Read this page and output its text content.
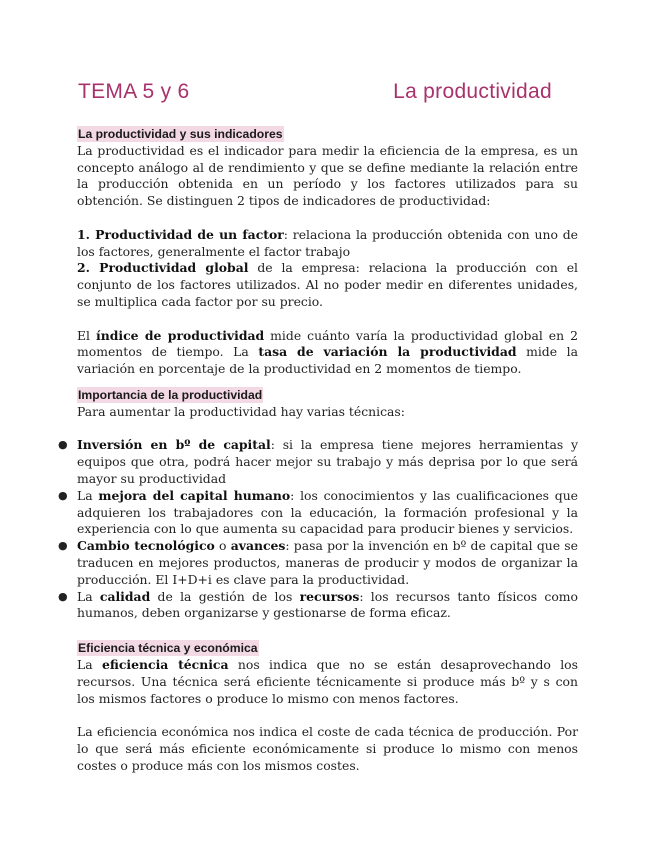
TEMA 5 y 6	La productividad
La productividad y sus indicadores

La productividad es el indicador para medir la eficiencia de la empresa, es un concepto análogo al de rendimiento y que se define mediante la relación entre la producción obtenida en un período y los factores utilizados para su obtención. Se distinguen 2 tipos de indicadores de productividad:

1. Productividad de un factor: relaciona la producción obtenida con uno de los factores, generalmente el factor trabajo

2. Productividad global de la empresa: relaciona la producción con el conjunto de los factores utilizados. Al no poder medir en diferentes unidades, se multiplica cada factor por su precio.

El índice de productividad mide cuánto varía la productividad global en 2 momentos de tiempo. La tasa de variación la productividad mide la variación en porcentaje de la productividad en 2 momentos de tiempo.

Importancia de la productividad

Para aumentar la productividad hay varias técnicas:

● Inversión en bº de capital: si la empresa tiene mejores herramientas y equipos que otra, podrá hacer mejor su trabajo y más deprisa por lo que será mayor su productividad
● La mejora del capital humano: los conocimientos y las cualificaciones que adquieren los trabajadores con la educación, la formación profesional y la experiencia con lo que aumenta su capacidad para producir bienes y servicios.
● Cambio tecnológico o avances: pasa por la invención en bº de capital que se traducen en mejores productos, maneras de producir y modos de organizar la producción. El I+D+i es clave para la productividad.
● La calidad de la gestión de los recursos: los recursos tanto físicos como humanos, deben organizarse y gestionarse de forma eficaz.
Eficiencia técnica y económica

La eficiencia técnica nos indica que no se están desaprovechando los recursos. Una técnica será eficiente técnicamente si produce más bº y s con los mismos factores o produce lo mismo con menos factores.

La eficiencia económica nos indica el coste de cada técnica de producción. Por lo que será más eficiente económicamente si produce lo mismo con menos costes o produce más con los mismos costes.
